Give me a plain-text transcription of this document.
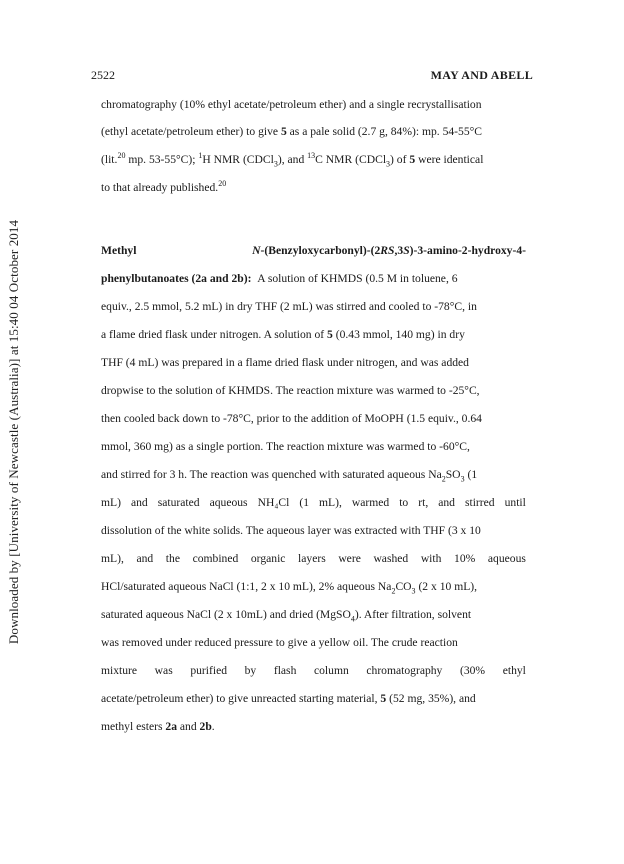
Downloaded by [University of Newcastle (Australia)] at 15:40 04 October 2014
2522	MAY AND ABELL
chromatography (10% ethyl acetate/petroleum ether) and a single recrystallisation
(ethyl acetate/petroleum ether) to give 5 as a pale solid (2.7 g, 84%): mp. 54-55°C
(lit.$^{20}$ mp. 53-55°C); $^1$H NMR (CDCl$_3$), and $^{13}$C NMR (CDCl$_3$) of 5 were identical
to that already published.$^{20}$
Methyl	N-(Benzyloxycarbonyl)-(2RS,3S)-3-amino-2-hydroxy-4-
phenylbutanoates (2a and 2b): A solution of KHMDS (0.5 M in toluene, 6
equiv., 2.5 mmol, 5.2 mL) in dry THF (2 mL) was stirred and cooled to -78°C, in
a flame dried flask under nitrogen. A solution of 5 (0.43 mmol, 140 mg) in dry
THF (4 mL) was prepared in a flame dried flask under nitrogen, and was added
dropwise to the solution of KHMDS. The reaction mixture was warmed to -25°C,
then cooled back down to -78°C, prior to the addition of MoOPH (1.5 equiv., 0.64
mmol, 360 mg) as a single portion. The reaction mixture was warmed to -60°C,
and stirred for 3 h. The reaction was quenched with saturated aqueous $Na_2SO_3$ (1
mL) and saturated aqueous NH₄Cl (1 mL), warmed to rt, and stirred until
dissolution of the white solids. The aqueous layer was extracted with THF (3 x 10
mL), and the combined organic layers were washed with 10% aqueous
HCl/saturated aqueous NaCl (1:1, 2 x 10 mL), 2% aqueous $Na_2CO_3$ (2 x 10 mL),
saturated aqueous NaCl (2 x 10mL) and dried (MgSO$_4$). After filtration, solvent
was removed under reduced pressure to give a yellow oil. The crude reaction
mixture was purified by flash column chromatography (30% ethyl
acetate/petroleum ether) to give unreacted starting material, 5 (52 mg, 35%), and
methyl esters 2a and 2b.
